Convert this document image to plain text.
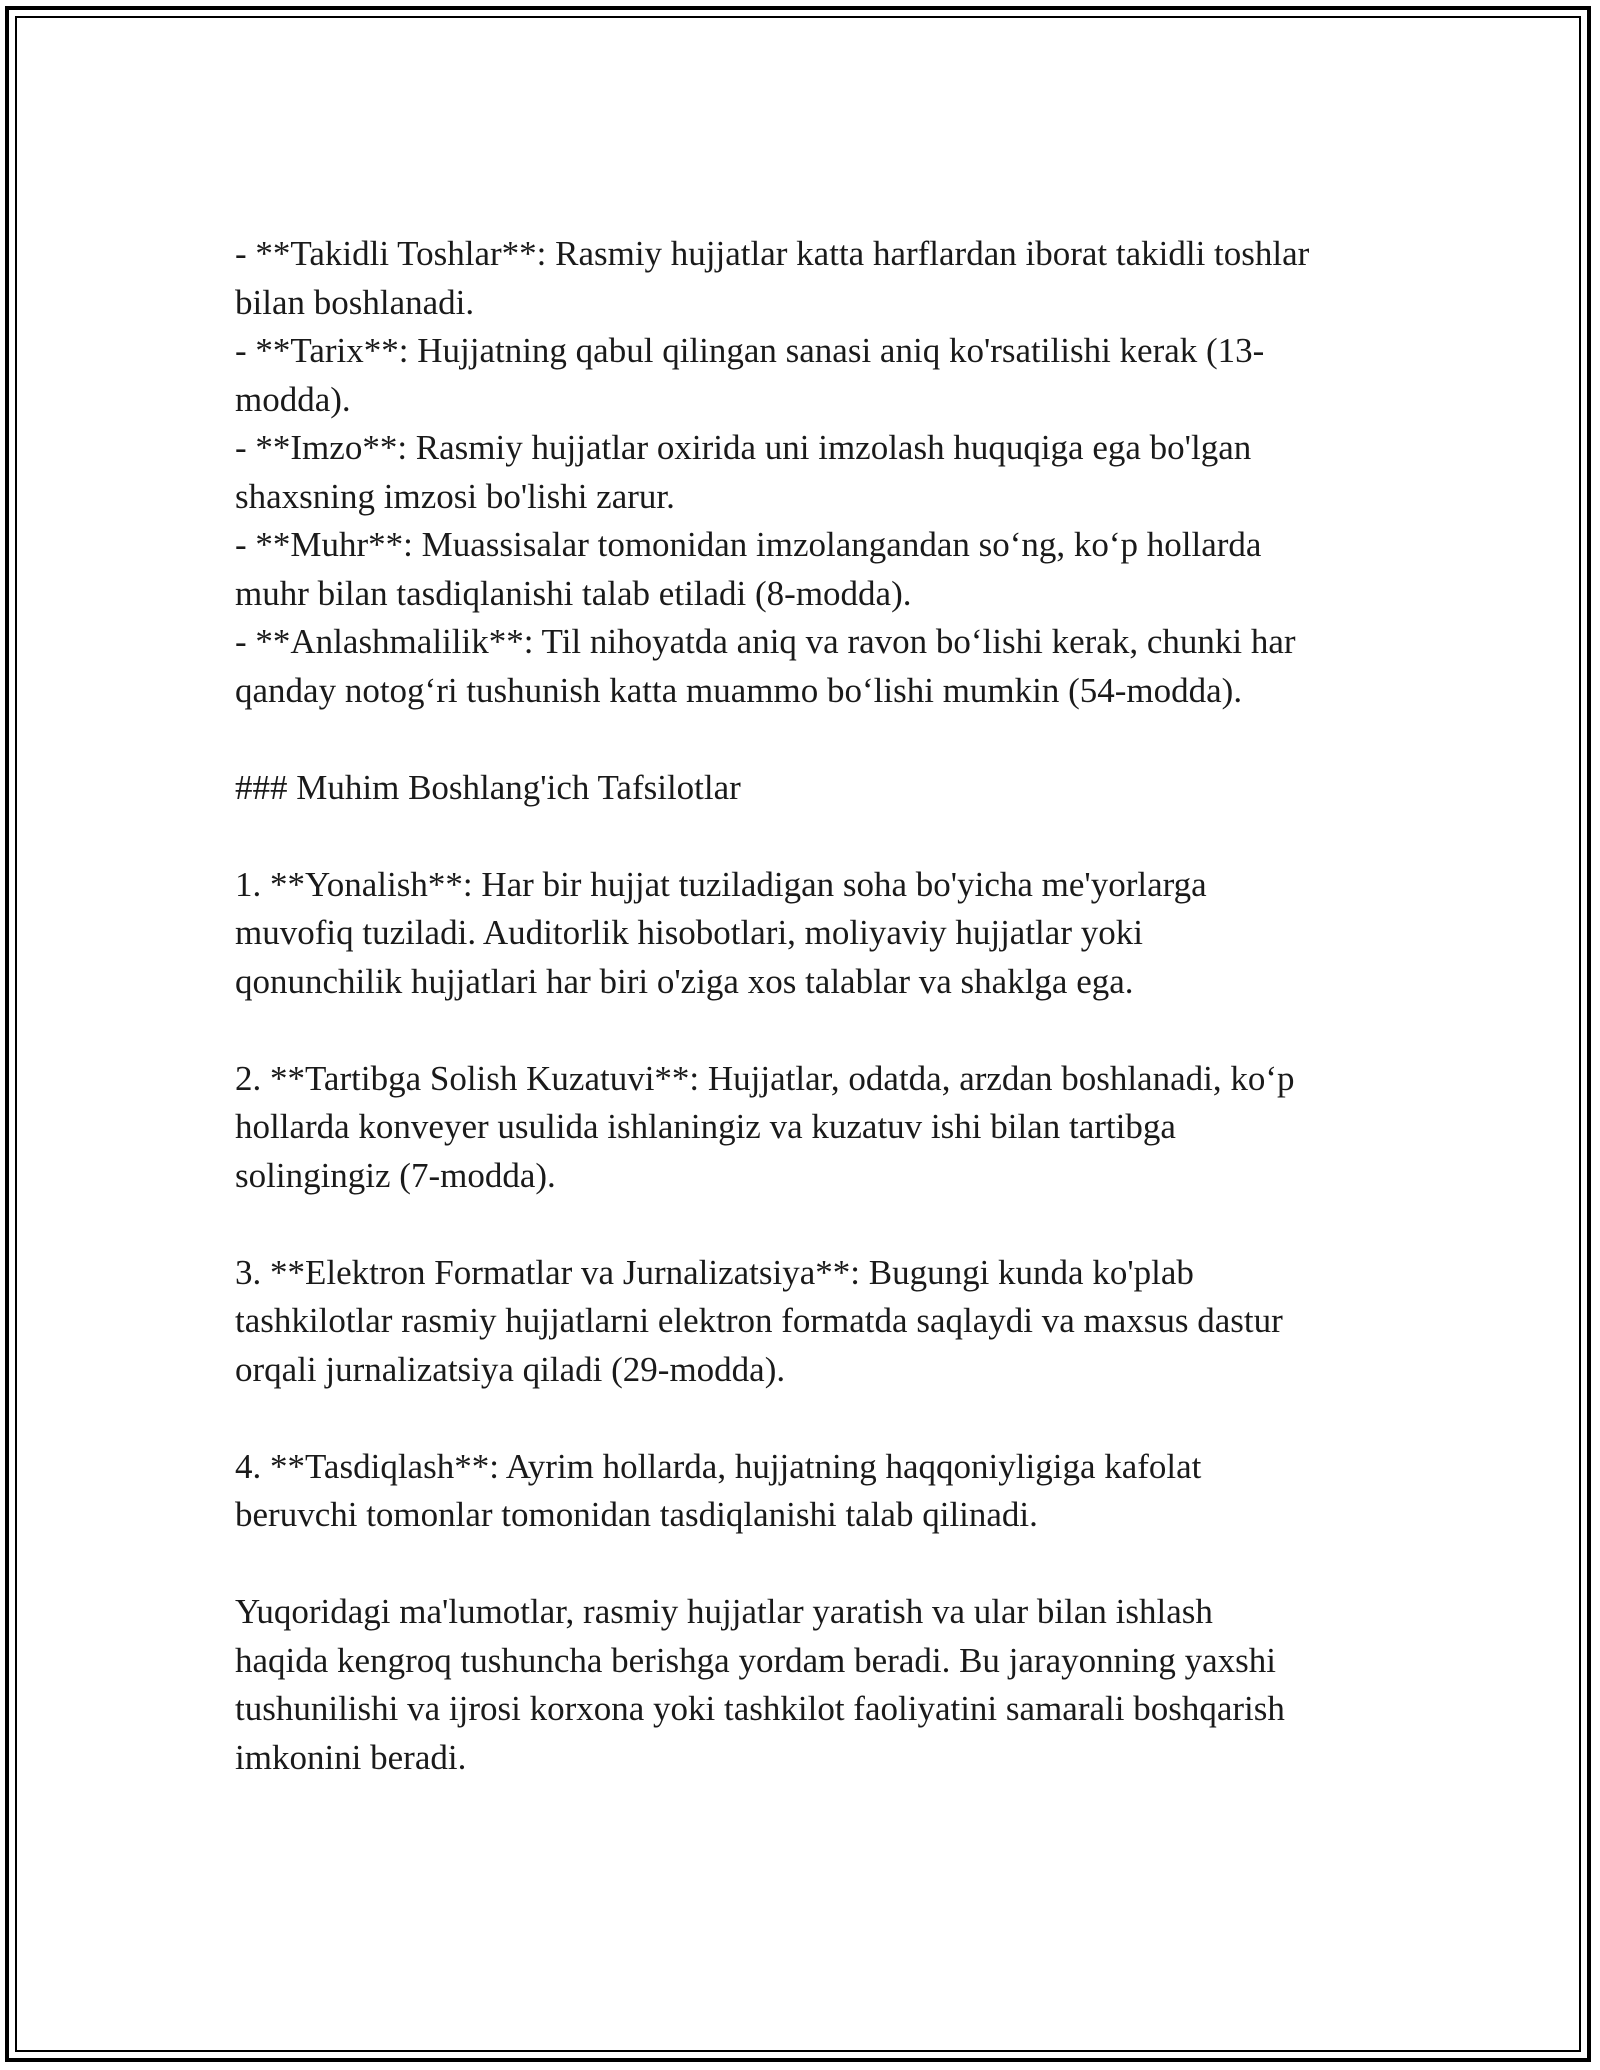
- **Takidli Toshlar**: Rasmiy hujjatlar katta harflardan iborat takidli toshlar
bilan boshlanadi.
- **Tarix**: Hujjatning qabul qilingan sanasi aniq ko'rsatilishi kerak (13-
modda).
- **Imzo**: Rasmiy hujjatlar oxirida uni imzolash huquqiga ega bo'lgan
shaxsning imzosi bo'lishi zarur.
- **Muhr**: Muassisalar tomonidan imzolangandan so‘ng, ko‘p hollarda
muhr bilan tasdiqlanishi talab etiladi (8-modda).
- **Anlashmalilik**: Til nihoyatda aniq va ravon bo‘lishi kerak, chunki har
qanday notog‘ri tushunish katta muammo bo‘lishi mumkin (54-modda).
### Muhim Boshlang'ich Tafsilotlar
1. **Yonalish**: Har bir hujjat tuziladigan soha bo'yicha me'yorlarga
muvofiq tuziladi. Auditorlik hisobotlari, moliyaviy hujjatlar yoki
qonunchilik hujjatlari har biri o'ziga xos talablar va shaklga ega.
2. **Tartibga Solish Kuzatuvi**: Hujjatlar, odatda, arzdan boshlanadi, ko‘p
hollarda konveyer usulida ishlaningiz va kuzatuv ishi bilan tartibga
solingingiz (7-modda).
3. **Elektron Formatlar va Jurnalizatsiya**: Bugungi kunda ko'plab
tashkilotlar rasmiy hujjatlarni elektron formatda saqlaydi va maxsus dastur
orqali jurnalizatsiya qiladi (29-modda).
4. **Tasdiqlash**: Ayrim hollarda, hujjatning haqqoniyligiga kafolat
beruvchi tomonlar tomonidan tasdiqlanishi talab qilinadi.
Yuqoridagi ma'lumotlar, rasmiy hujjatlar yaratish va ular bilan ishlash
haqida kengroq tushuncha berishga yordam beradi. Bu jarayonning yaxshi
tushunilishi va ijrosi korxona yoki tashkilot faoliyatini samarali boshqarish
imkonini beradi.
